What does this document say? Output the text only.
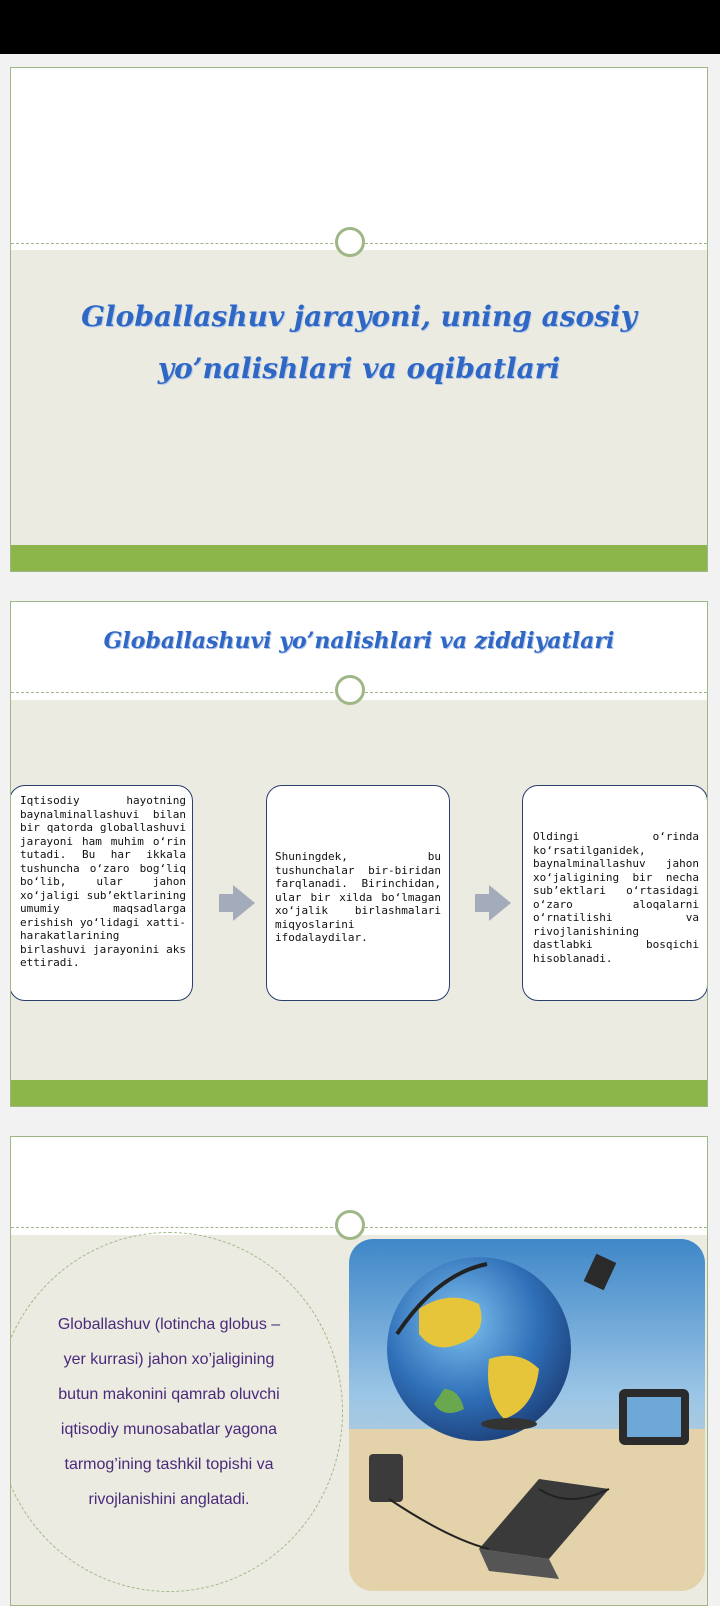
Globallashuv jarayoni, uning asosiy
yo’nalishlari va oqibatlari
Globallashuvi yo’nalishlari va ziddiyatlari
Iqtisodiy hayotning baynalminallashuvi bilan bir qatorda globallashuvi jarayoni ham muhim o‘rin tutadi. Bu har ikkala tushuncha o‘zaro bog‘liq bo‘lib, ular jahon xo‘jaligi sub’ektlarining umumiy maqsadlarga erishish yo‘lidagi xatti-harakatlarining birlashuvi jarayonini aks ettiradi.
Shuningdek, bu tushunchalar bir-biridan farqlanadi. Birinchidan, ular bir xilda bo‘lmagan xo‘jalik birlashmalari miqyoslarini ifodalaydilar.
Oldingi o‘rinda ko‘rsatilganidek, baynalminallashuv jahon xo‘jaligining bir necha sub’ektlari o‘rtasidagi o‘zaro aloqalarni o‘rnatilishi va rivojlanishining dastlabki bosqichi hisoblanadi.
Globallashuv (lotincha globus – yer kurrasi) jahon xo’jaligining butun makonini qamrab oluvchi iqtisodiy munosabatlar yagona tarmog’ining tashkil topishi va rivojlanishini anglatadi.
